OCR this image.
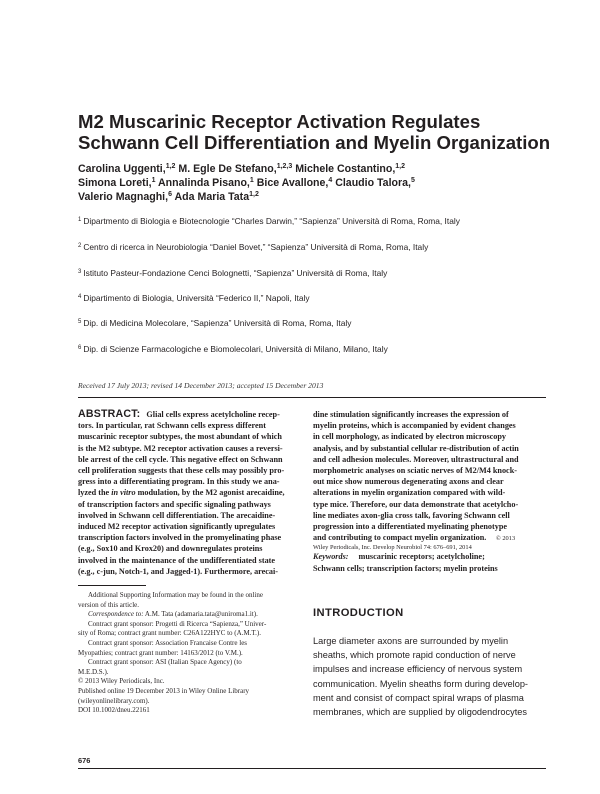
M2 Muscarinic Receptor Activation Regulates
Schwann Cell Differentiation and Myelin Organization
Carolina Uggenti,$^{1,2}$ M. Egle De Stefano,$^{1,2,3}$ Michele Costantino,$^{1,2}$
Simona Loreti,$^1$ Annalinda Pisano,$^1$ Bice Avallone,$^4$ Claudio Talora,$^5$
Valerio Magnaghi,$^6$ Ada Maria Tata$^{1,2}$
$^1$ Dipartmento di Biologia e Biotecnologie “Charles Darwin,” “Sapienza” Università di Roma, Roma, Italy
$^2$ Centro di ricerca in Neurobiologia “Daniel Bovet,” “Sapienza” Università di Roma, Roma, Italy
$^3$ Istituto Pasteur-Fondazione Cenci Bolognetti, “Sapienza” Università di Roma, Italy
$^4$ Dipartimento di Biologia, Università “Federico II,” Napoli, Italy
$^5$ Dip. di Medicina Molecolare, “Sapienza” Università di Roma, Roma, Italy
$^6$ Dip. di Scienze Farmacologiche e Biomolecolari, Università di Milano, Milano, Italy
Received 17 July 2013; revised 14 December 2013; accepted 15 December 2013
ABSTRACT: Glial cells express acetylcholine recep-
tors. In particular, rat Schwann cells express different
muscarinic receptor subtypes, the most abundant of which
is the M2 subtype. M2 receptor activation causes a reversi-
ble arrest of the cell cycle. This negative effect on Schwann
cell proliferation suggests that these cells may possibly pro-
gress into a differentiating program. In this study we ana-
lyzed the in vitro modulation, by the M2 agonist arecaidine,
of transcription factors and specific signaling pathways
involved in Schwann cell differentiation. The arecaidine-
induced M2 receptor activation significantly upregulates
transcription factors involved in the promyelinating phase
(e.g., Sox10 and Krox20) and downregulates proteins
involved in the maintenance of the undifferentiated state
(e.g., c-jun, Notch-1, and Jagged-1). Furthermore, arecai-
dine stimulation significantly increases the expression of
myelin proteins, which is accompanied by evident changes
in cell morphology, as indicated by electron microscopy
analysis, and by substantial cellular re-distribution of actin
and cell adhesion molecules. Moreover, ultrastructural and
morphometric analyses on sciatic nerves of M2/M4 knock-
out mice show numerous degenerating axons and clear
alterations in myelin organization compared with wild-
type mice. Therefore, our data demonstrate that acetylcho-
line mediates axon-glia cross talk, favoring Schwann cell
progression into a differentiated myelinating phenotype
and contributing to compact myelin organization. © 2013
Wiley Periodicals, Inc. Develop Neurobiol 74: 676–691, 2014
Keywords: muscarinic receptors; acetylcholine;
Schwann cells; transcription factors; myelin proteins
Additional Supporting Information may be found in the online
version of this article.
Correspondence to: A.M. Tata (adamaria.tata@uniroma1.it).
Contract grant sponsor: Progetti di Ricerca “Sapienza,” Univer-
sity of Roma; contract grant number: C26A122HYC to (A.M.T.).
Contract grant sponsor: Association Francaise Contre les
Myopathies; contract grant number: 14163/2012 (to V.M.).
Contract grant sponsor: ASI (Italian Space Agency) (to
M.E.D.S.).
© 2013 Wiley Periodicals, Inc.
Published online 19 December 2013 in Wiley Online Library
(wileyonlinelibrary.com).
DOI 10.1002/dneu.22161
INTRODUCTION
Large diameter axons are surrounded by myelin
sheaths, which promote rapid conduction of nerve
impulses and increase efficiency of nervous system
communication. Myelin sheaths form during develop-
ment and consist of compact spiral wraps of plasma
membranes, which are supplied by oligodendrocytes
676
